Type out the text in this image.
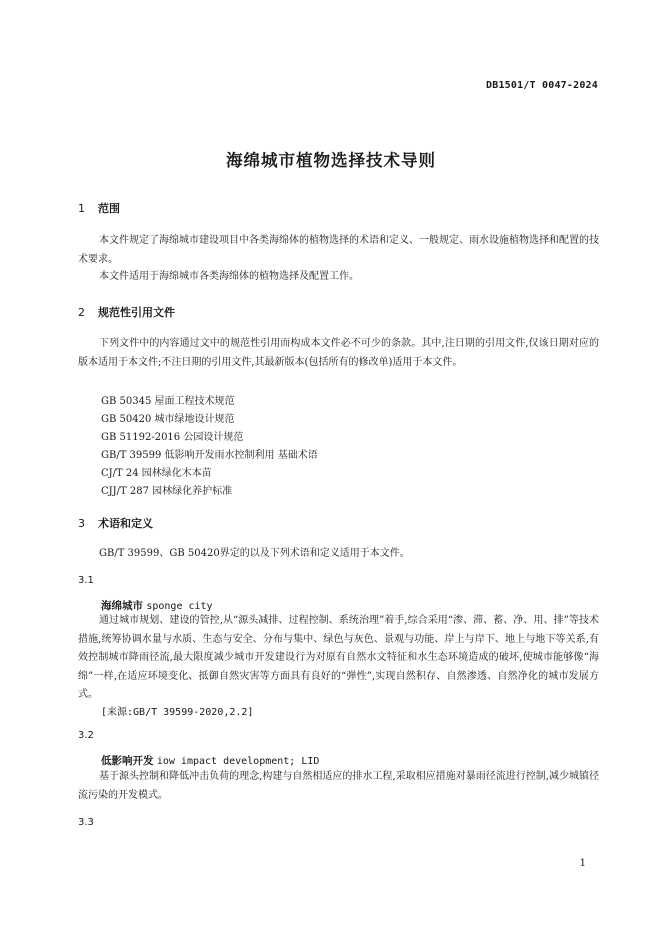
DB1501/T 0047-2024
海绵城市植物选择技术导则
1 范围
本文件规定了海绵城市建设项目中各类海绵体的植物选择的术语和定义、一般规定、雨水设施植物选择和配置的技术要求。
本文件适用于海绵城市各类海绵体的植物选择及配置工作。
2 规范性引用文件
下列文件中的内容通过文中的规范性引用而构成本文件必不可少的条款。其中,注日期的引用文件,仅该日期对应的版本适用于本文件;不注日期的引用文件,其最新版本(包括所有的修改单)适用于本文件。
GB 50345 屋面工程技术规范
GB 50420 城市绿地设计规范
GB 51192-2016 公园设计规范
GB/T 39599 低影响开发雨水控制利用 基础术语
CJ/T 24 园林绿化木本苗
CJJ/T 287 园林绿化养护标准
3 术语和定义
GB/T 39599、GB 50420界定的以及下列术语和定义适用于本文件。
3.1
海绵城市 sponge city
通过城市规划、建设的管控,从“源头减排、过程控制、系统治理”着手,综合采用“渗、滞、蓄、净、用、排”等技术措施,统筹协调水量与水质、生态与安全、分布与集中、绿色与灰色、景观与功能、岸上与岸下、地上与地下等关系,有效控制城市降雨径流,最大限度减少城市开发建设行为对原有自然水文特征和水生态环境造成的破坏,使城市能够像“海绵”一样,在适应环境变化、抵御自然灾害等方面具有良好的“弹性”,实现自然积存、自然渗透、自然净化的城市发展方式。
[来源:GB/T 39599-2020,2.2]
3.2
低影响开发 iow impact development; LID
基于源头控制和降低冲击负荷的理念,构建与自然相适应的排水工程,采取相应措施对暴雨径流进行控制,减少城镇径流污染的开发模式。
3.3
1
